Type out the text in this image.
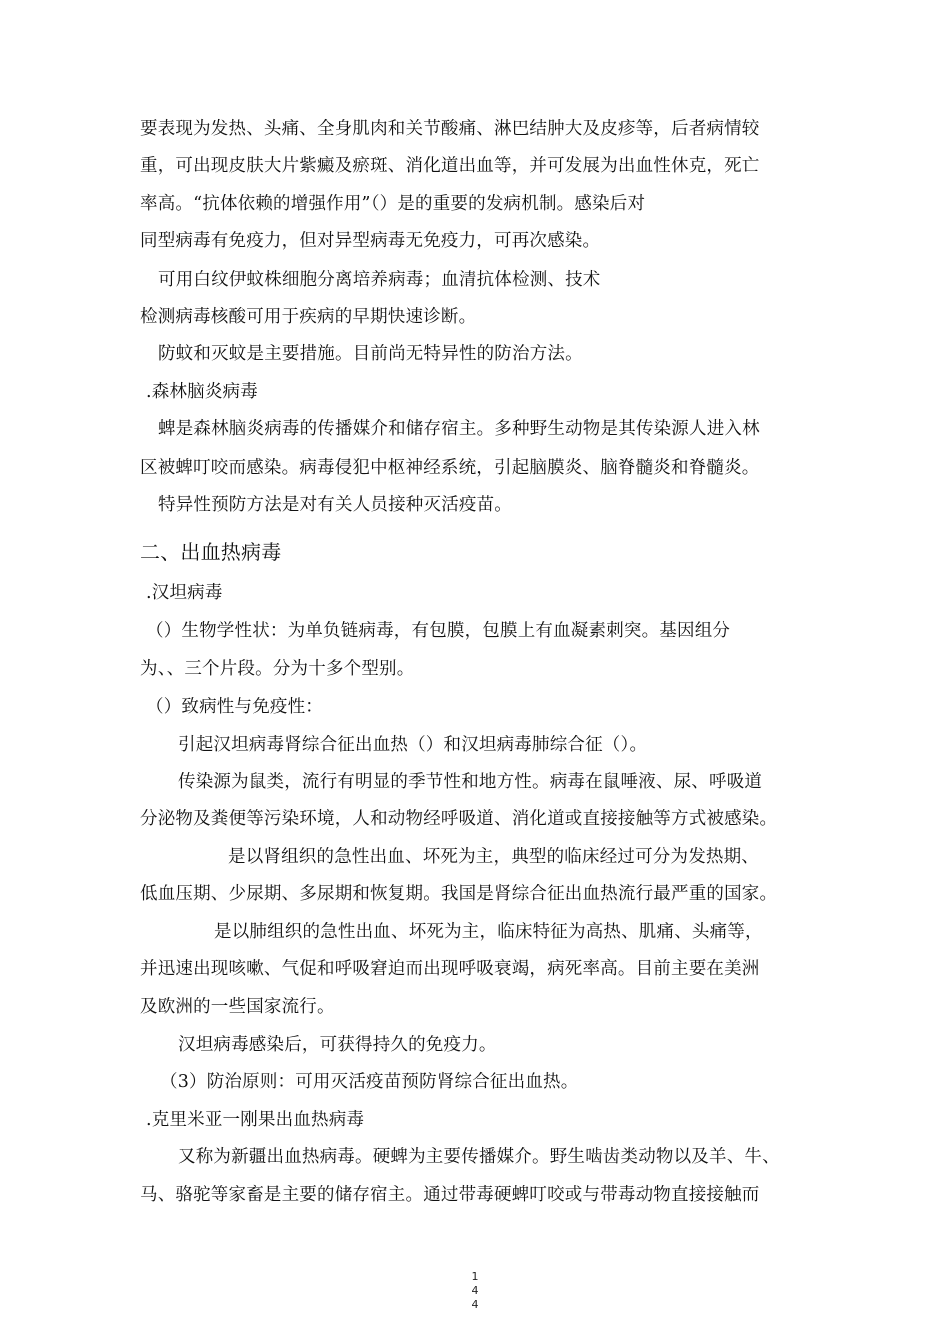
要表现为发热、头痛、全身肌肉和关节酸痛、淋巴结肿大及皮疹等，后者病情较
重，可出现皮肤大片紫癜及瘀斑、消化道出血等，并可发展为出血性休克，死亡
率高。“抗体依赖的增强作用”（）是的重要的发病机制。感染后对
同型病毒有免疫力，但对异型病毒无免疫力，可再次感染。
可用白纹伊蚊株细胞分离培养病毒；血清抗体检测、技术
检测病毒核酸可用于疾病的早期快速诊断。
防蚊和灭蚊是主要措施。目前尚无特异性的防治方法。
.森林脑炎病毒
蜱是森林脑炎病毒的传播媒介和储存宿主。多种野生动物是其传染源人进入林
区被蜱叮咬而感染。病毒侵犯中枢神经系统，引起脑膜炎、脑脊髓炎和脊髓炎。
特异性预防方法是对有关人员接种灭活疫苗。
二、出血热病毒
.汉坦病毒
（）生物学性状：为单负链病毒，有包膜，包膜上有血凝素刺突。基因组分
为、、三个片段。分为十多个型别。
（）致病性与免疫性：
引起汉坦病毒肾综合征出血热（）和汉坦病毒肺综合征（）。
传染源为鼠类，流行有明显的季节性和地方性。病毒在鼠唾液、尿、呼吸道
分泌物及粪便等污染环境，人和动物经呼吸道、消化道或直接接触等方式被感染。
是以肾组织的急性出血、坏死为主，典型的临床经过可分为发热期、
低血压期、少尿期、多尿期和恢复期。我国是肾综合征出血热流行最严重的国家。
是以肺组织的急性出血、坏死为主，临床特征为高热、肌痛、头痛等，
并迅速出现咳嗽、气促和呼吸窘迫而出现呼吸衰竭，病死率高。目前主要在美洲
及欧洲的一些国家流行。
汉坦病毒感染后，可获得持久的免疫力。
（3）防治原则：可用灭活疫苗预防肾综合征出血热。
.克里米亚一刚果出血热病毒
又称为新疆出血热病毒。硬蜱为主要传播媒介。野生啮齿类动物以及羊、牛、
马、骆驼等家畜是主要的储存宿主。通过带毒硬蜱叮咬或与带毒动物直接接触而
1
4
4
